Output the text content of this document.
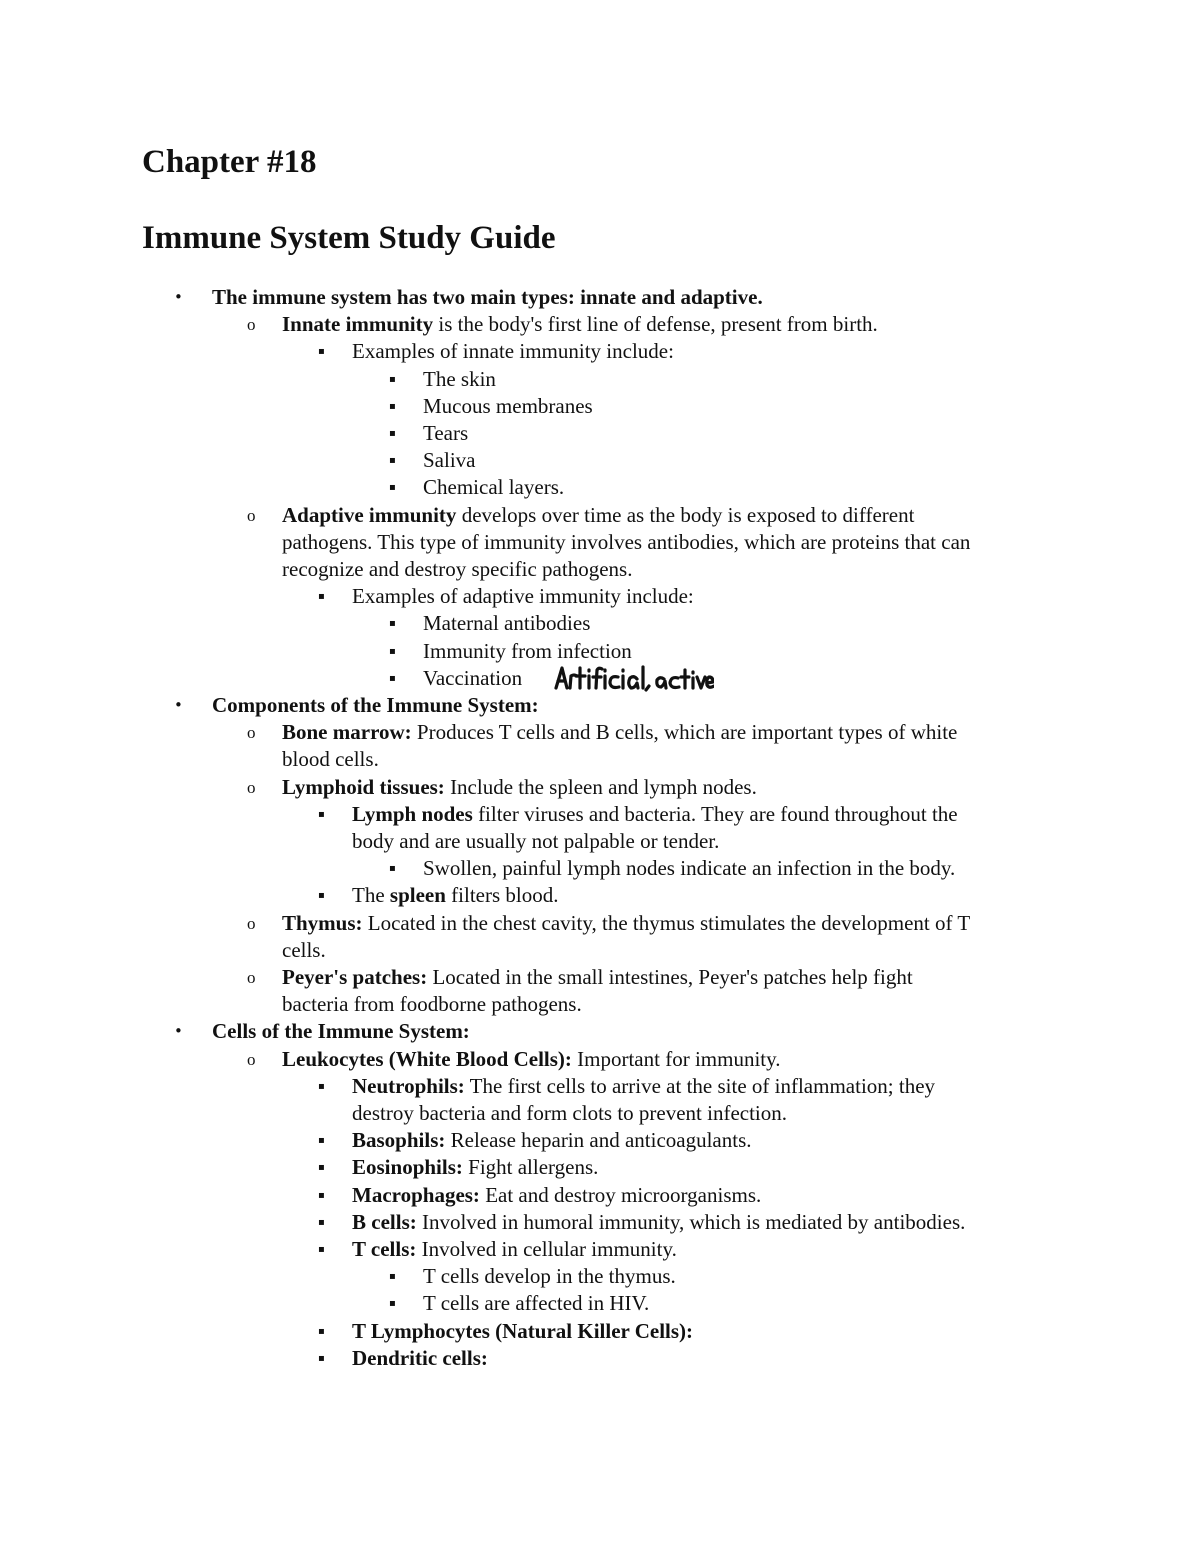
Chapter #18
Immune System Study Guide
• The immune system has two main types: innate and adaptive.
o Innate immunity is the body's first line of defense, present from birth.
▪ Examples of innate immunity include:
▪ The skin
▪ Mucous membranes
▪ Tears
▪ Saliva
▪ Chemical layers.
o Adaptive immunity develops over time as the body is exposed to different
pathogens. This type of immunity involves antibodies, which are proteins that can
recognize and destroy specific pathogens.
▪ Examples of adaptive immunity include:
▪ Maternal antibodies
▪ Immunity from infection
▪ Vaccination
• Components of the Immune System:
o Bone marrow: Produces T cells and B cells, which are important types of white
blood cells.
o Lymphoid tissues: Include the spleen and lymph nodes.
▪ Lymph nodes filter viruses and bacteria. They are found throughout the
body and are usually not palpable or tender.
▪ Swollen, painful lymph nodes indicate an infection in the body.
▪ The spleen filters blood.
o Thymus: Located in the chest cavity, the thymus stimulates the development of T
cells.
o Peyer's patches: Located in the small intestines, Peyer's patches help fight
bacteria from foodborne pathogens.
• Cells of the Immune System:
o Leukocytes (White Blood Cells): Important for immunity.
▪ Neutrophils: The first cells to arrive at the site of inflammation; they
destroy bacteria and form clots to prevent infection.
▪ Basophils: Release heparin and anticoagulants.
▪ Eosinophils: Fight allergens.
▪ Macrophages: Eat and destroy microorganisms.
▪ B cells: Involved in humoral immunity, which is mediated by antibodies.
▪ T cells: Involved in cellular immunity.
▪ T cells develop in the thymus.
▪ T cells are affected in HIV.
▪ T Lymphocytes (Natural Killer Cells):
▪ Dendritic cells:
